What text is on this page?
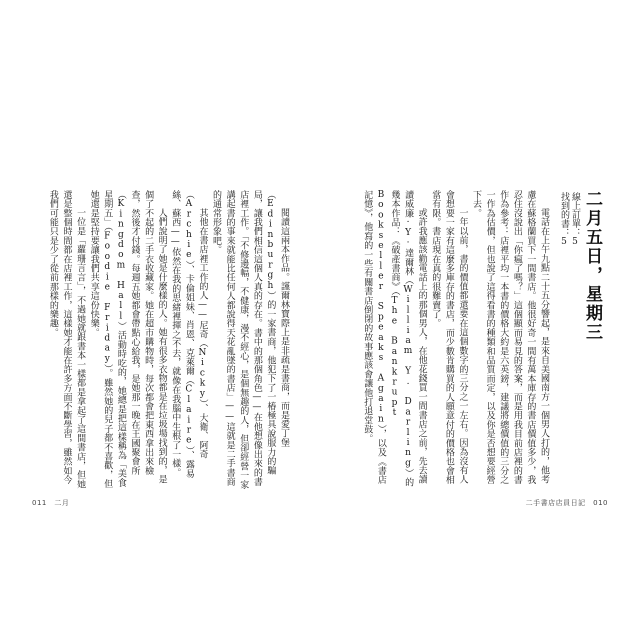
閱讀這兩本作品。謹爾林寶際上是非疏是書商，而是愛丁堡（Edinburgh）的一家書商，他犯下了一椿極具說服力的騙局，讓我們相信這個人真的存在。書中的那個角色——在他想像出來的書店裡工作。「不修邊幅，不健康，漫不經心，是個無趣的人，但卻經營一家講起書的事來就能比任何人都說得天花亂墜的書店」——這就是二手書商的通常形象吧。

其他在書店裡工作的人——尼奇（Nicky）、大衛、阿奇（Archie）、卡倫姐妹、肖恩、克萊爾（Claire）、露易絲、蘇西——依然在我的思緒裡揮之不去，就像在我腦中生根了一樣。

人們說明了她是什麼樣的人。她有很多衣物都是在垃圾場找到的，是個了不起的二手衣收藏家。她在超市購物時，每次都會把東西拿出來檢查，然後才付錢。每週五她都會帶點心給我，是她那一晚在王國聚會所（Kingdom Hall）活動時吃的，她總是把這樣稱為「美食星期五」（Foodie Friday）。雖然她的兒子都不喜歡，但她還是堅持要讓我們共享這份快樂。

一位是「蘿珊言言」，不過她就跟書本一樣都是拿起了這間書店，但她還是整個時間都在店裡工作，這樣她才能在許多方面不斷學習，雖然如今我們可能只是少了從前那樣的樂趣。	電話在上午九點二十五分響起，是來自美國南方一個男人打的，他考慮在蘇格蘭買下一間書店。他很好奇一間有萬本庫存的書店價值多少，我忍住沒說出「你瘋了嗎？」這個顯而易見的答案，而是用我目前店裡的書作為參考：店裡平均一本書的價格大約是六英鎊，建議將總價值的三分之一作為估價，但也說了這得看書的種類和品質而定，以及你是否想要經營下去。

一年以前，書的價值都還要在這個數字的三分之一左右。因為沒有人會想要一家有這麼多庫存的書店，而少數肯購買的人願意付的價格也會相當有限。書店現在真的很難賣了。

或許我應該勸電話上的那個男人，在他花錢買一間書店之前，先去讀讀威廉·Y·達爾林（William Y. Darling）的幾本作品：《破產書商》（The Bankrupt Bookseller Speaks Again），以及《書店記憶》，他寫的一些有關書店倒閉的故事應該會讓他打退堂鼓。	線上訂單：5
找到的書：5 二月五日，星期三
011　二月	二手書店店員日記　010
